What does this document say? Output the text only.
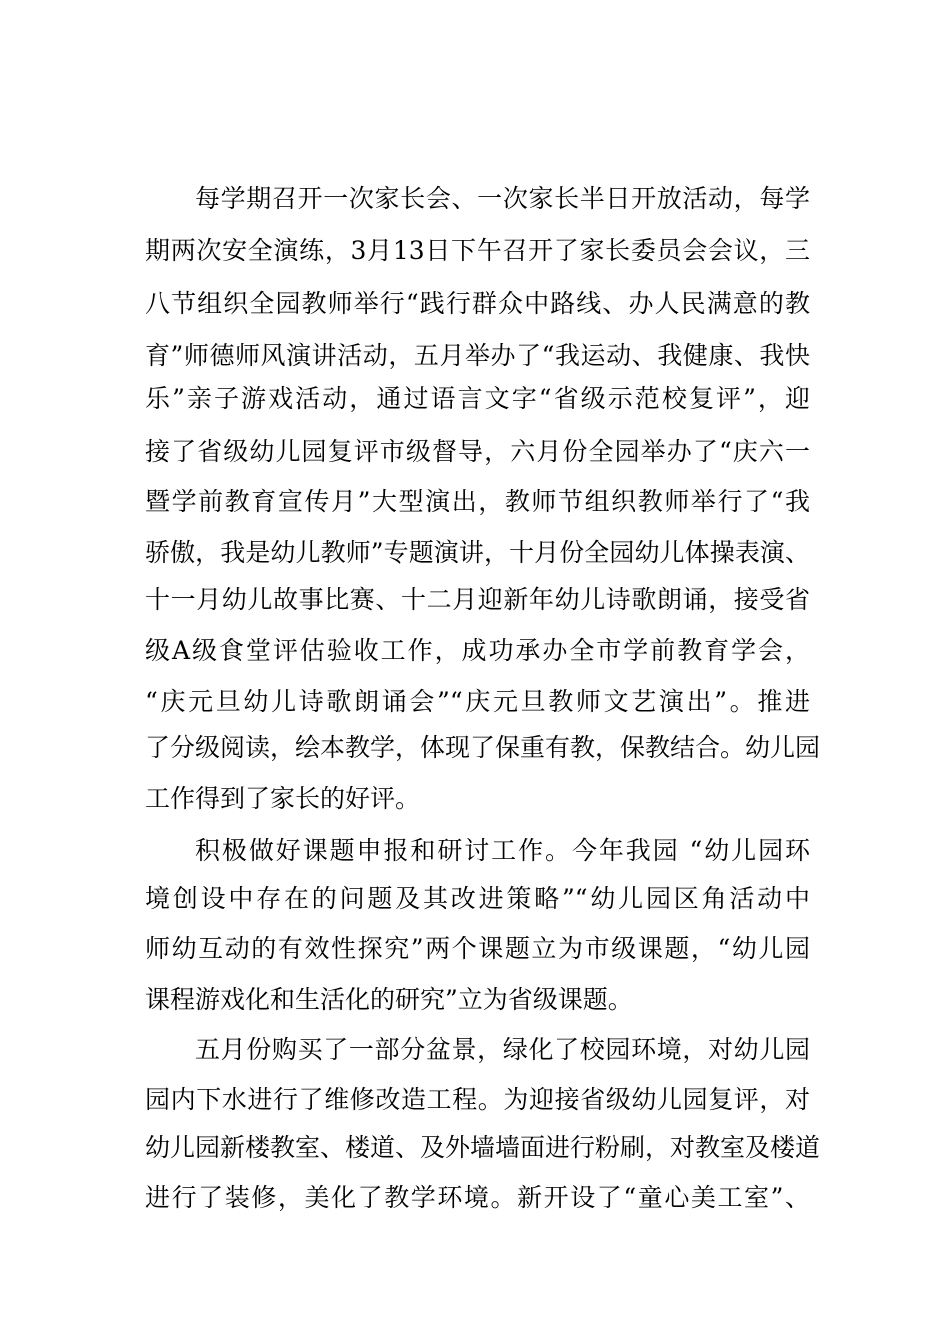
每学期召开一次家长会、一次家长半日开放活动，每学
期两次安全演练，3月13日下午召开了家长委员会会议，三
八节组织全园教师举行“践行群众中路线、办人民满意的教
育”师德师风演讲活动，五月举办了“我运动、我健康、我快
乐”亲子游戏活动，通过语言文字“省级示范校复评”，迎
接了省级幼儿园复评市级督导，六月份全园举办了“庆六一
暨学前教育宣传月”大型演出，教师节组织教师举行了“我
骄傲，我是幼儿教师”专题演讲，十月份全园幼儿体操表演、
十一月幼儿故事比赛、十二月迎新年幼儿诗歌朗诵，接受省
级A级食堂评估验收工作，成功承办全市学前教育学会，
“庆元旦幼儿诗歌朗诵会”“庆元旦教师文艺演出”。推进
了分级阅读，绘本教学，体现了保重有教，保教结合。幼儿园
工作得到了家长的好评。
积极做好课题申报和研讨工作。今年我园 “幼儿园环
境创设中存在的问题及其改进策略”“幼儿园区角活动中
师幼互动的有效性探究”两个课题立为市级课题，“幼儿园
课程游戏化和生活化的研究”立为省级课题。
五月份购买了一部分盆景，绿化了校园环境，对幼儿园
园内下水进行了维修改造工程。为迎接省级幼儿园复评，对
幼儿园新楼教室、楼道、及外墙墙面进行粉刷，对教室及楼道
进行了装修，美化了教学环境。新开设了“童心美工室”、
